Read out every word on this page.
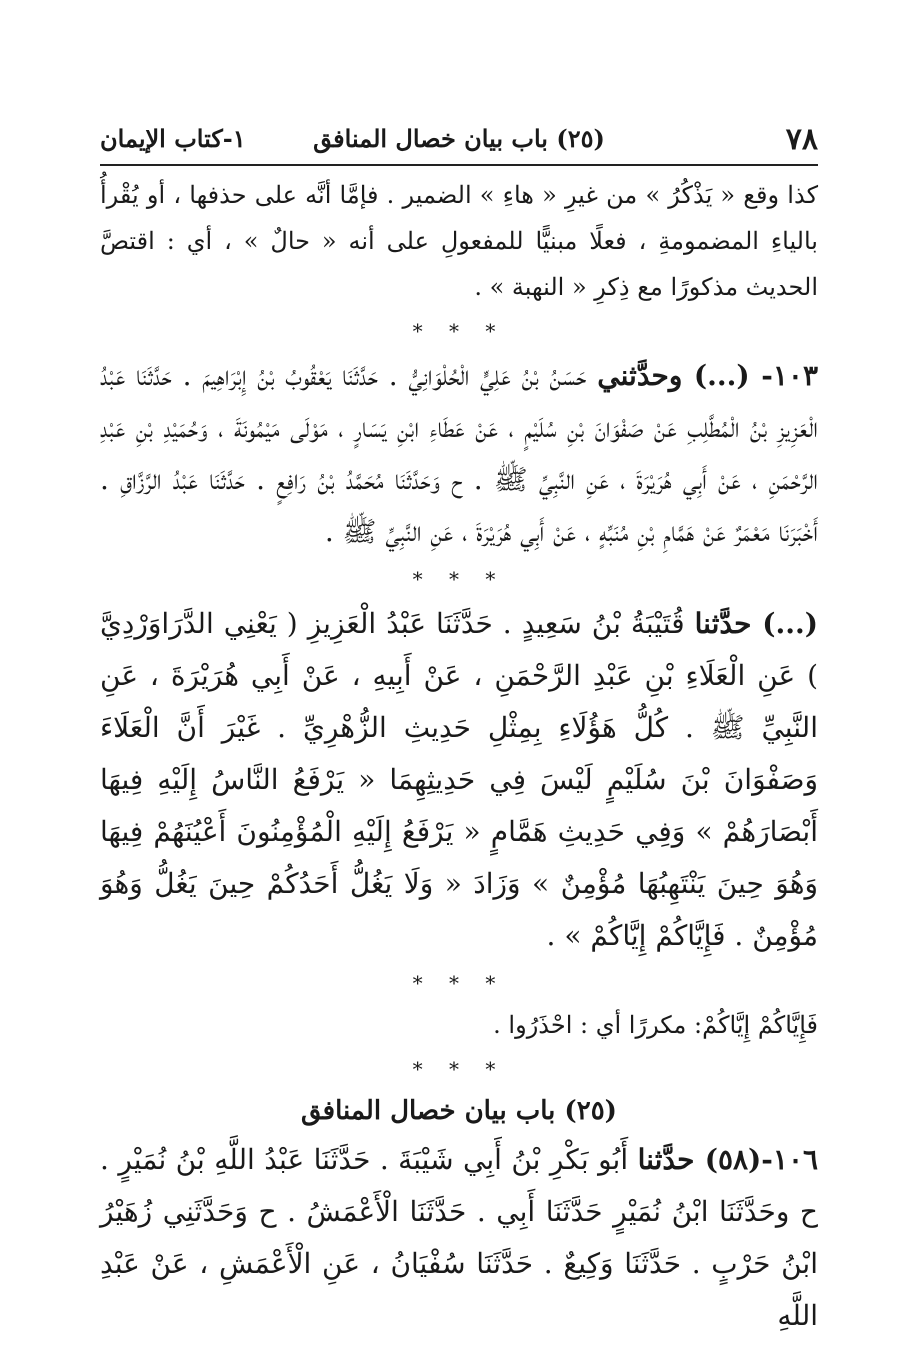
٧٨
(٢٥) باب بيان خصال المنافق
١-كتاب الإيمان

كذا وقع « يَذْكُرُ » من غيرِ « هاءِ » الضمير . فإمَّا أنَّه على حذفها ، أو يُقْرأُ بالياءِ المضمومةِ ، فعلًا مبنيًّا للمفعولِ على أنه « حالٌ » ، أي : اقتصَّ الحديث مذكورًا مع ذِكرِ « النهبة » .

* * *

١٠٣- (...) وحدَّثني حَسَنُ بْنُ عَلِيٍّ الْحُلْوَانِيُّ . حَدَّثَنَا يَعْقُوبُ بْنُ إِبْرَاهِيمَ . حَدَّثَنَا عَبْدُ الْعَزِيزِ بْنُ الْمُطَّلِبِ عَنْ صَفْوَانَ بْنِ سُلَيْمٍ ، عَنْ عَطَاءِ ابْنِ يَسَارٍ ، مَوْلَى مَيْمُونَةَ ، وَحُمَيْدِ بْنِ عَبْدِ الرَّحْمَنِ ، عَنْ أَبِي هُرَيْرَةَ ، عَنِ النَّبِيِّ ﷺ . ح وَحَدَّثَنَا مُحَمَّدُ بْنُ رَافِعٍ . حَدَّثَنَا عَبْدُ الرَّزَّاقِ . أَخْبَرَنَا مَعْمَرٌ عَنْ هَمَّامِ بْنِ مُنَبِّهٍ ، عَنْ أَبِي هُرَيْرَةَ ، عَنِ النَّبِيِّ ﷺ .

* * *

(...) حدَّثنا قُتَيْبَةُ بْنُ سَعِيدٍ . حَدَّثَنَا عَبْدُ الْعَزِيزِ ( يَعْنِي الدَّرَاوَرْدِيَّ ) عَنِ الْعَلَاءِ بْنِ عَبْدِ الرَّحْمَنِ ، عَنْ أَبِيهِ ، عَنْ أَبِي هُرَيْرَةَ ، عَنِ النَّبِيِّ ﷺ . كُلُّ هَؤُلَاءِ بِمِثْلِ حَدِيثِ الزُّهْرِيِّ . غَيْرَ أَنَّ الْعَلَاءَ وَصَفْوَانَ بْنَ سُلَيْمٍ لَيْسَ فِي حَدِيثِهِمَا « يَرْفَعُ النَّاسُ إِلَيْهِ فِيهَا أَبْصَارَهُمْ » وَفِي حَدِيثِ هَمَّامٍ « يَرْفَعُ إِلَيْهِ الْمُؤْمِنُونَ أَعْيُنَهُمْ فِيهَا وَهُوَ حِينَ يَنْتَهِبُهَا مُؤْمِنٌ » وَزَادَ « وَلَا يَغُلُّ أَحَدُكُمْ حِينَ يَغُلُّ وَهُوَ مُؤْمِنٌ . فَإِيَّاكُمْ إِيَّاكُمْ » .

* * *

فَإِيَّاكُمْ إِيَّاكُمْ: مكررًا أي : احْذَرُوا .

* * *

(٢٥) باب بيان خصال المنافق

١٠٦-(٥٨) حدَّثنا أَبُو بَكْرِ بْنُ أَبِي شَيْبَةَ . حَدَّثَنَا عَبْدُ اللَّهِ بْنُ نُمَيْرٍ . ح وحَدَّثَنَا ابْنُ نُمَيْرٍ حَدَّثَنَا أَبِي . حَدَّثَنَا الْأَعْمَشُ . ح وَحَدَّثَنِي زُهَيْرُ ابْنُ حَرْبٍ . حَدَّثَنَا وَكِيعٌ . حَدَّثَنَا سُفْيَانُ ، عَنِ الْأَعْمَشِ ، عَنْ عَبْدِ اللَّهِ
